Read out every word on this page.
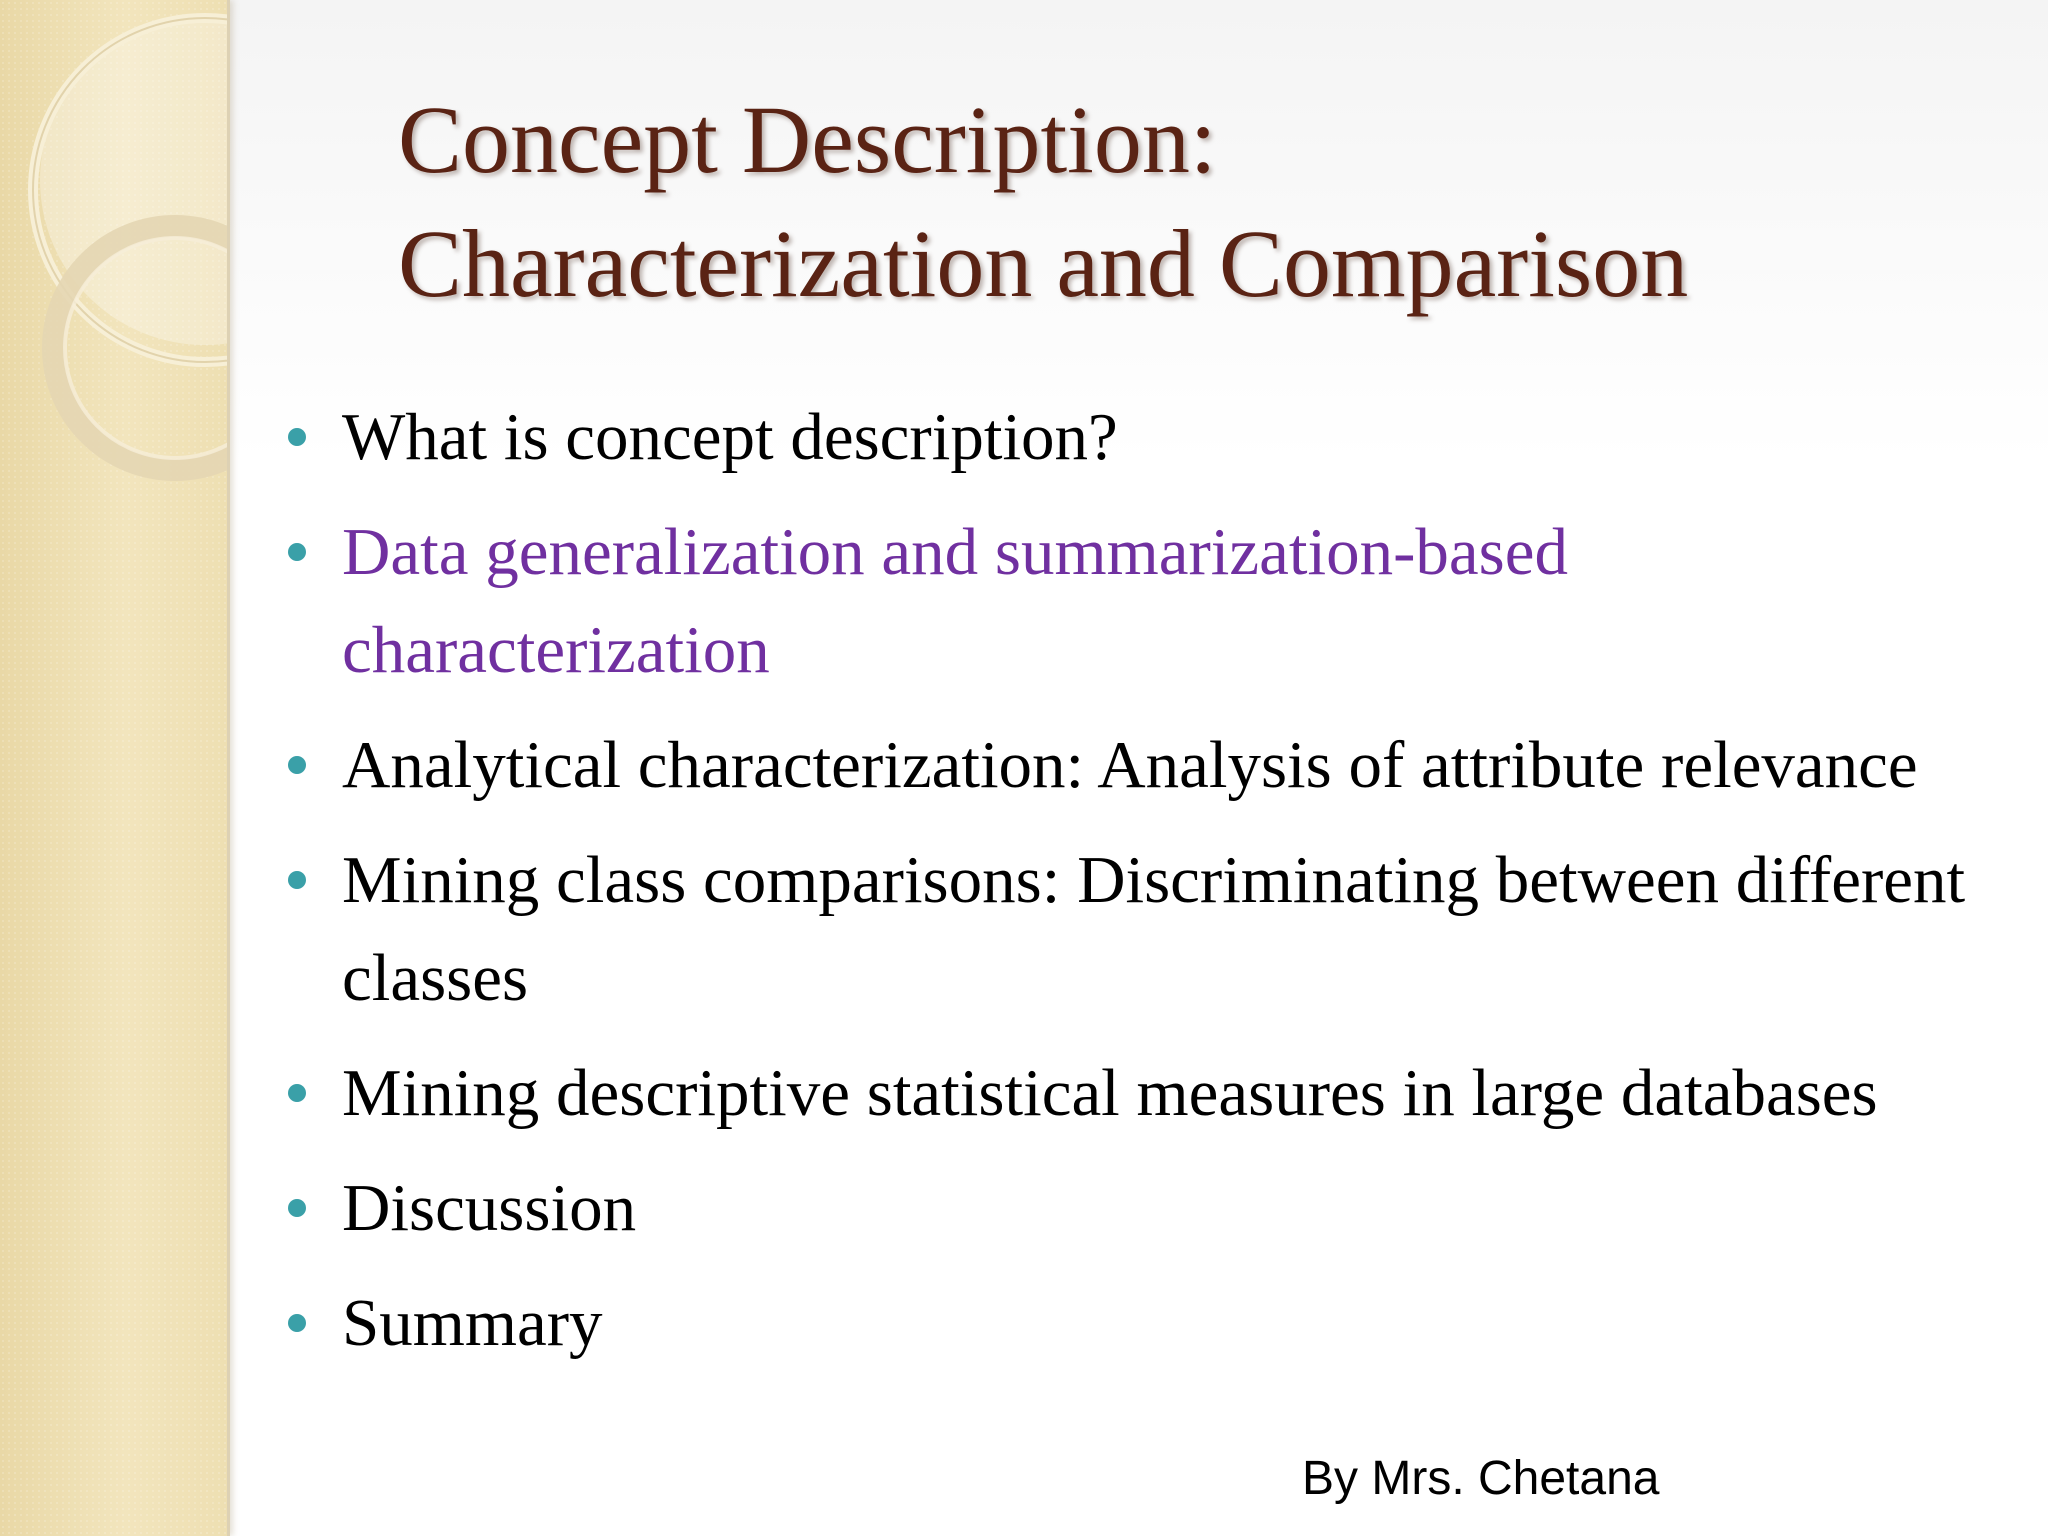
Concept Description:
Characterization and Comparison
What is concept description?
Data generalization and summarization-based characterization
Analytical characterization: Analysis of attribute relevance
Mining class comparisons: Discriminating between different classes
Mining descriptive statistical measures in large databases
Discussion
Summary

By Mrs. Chetana
